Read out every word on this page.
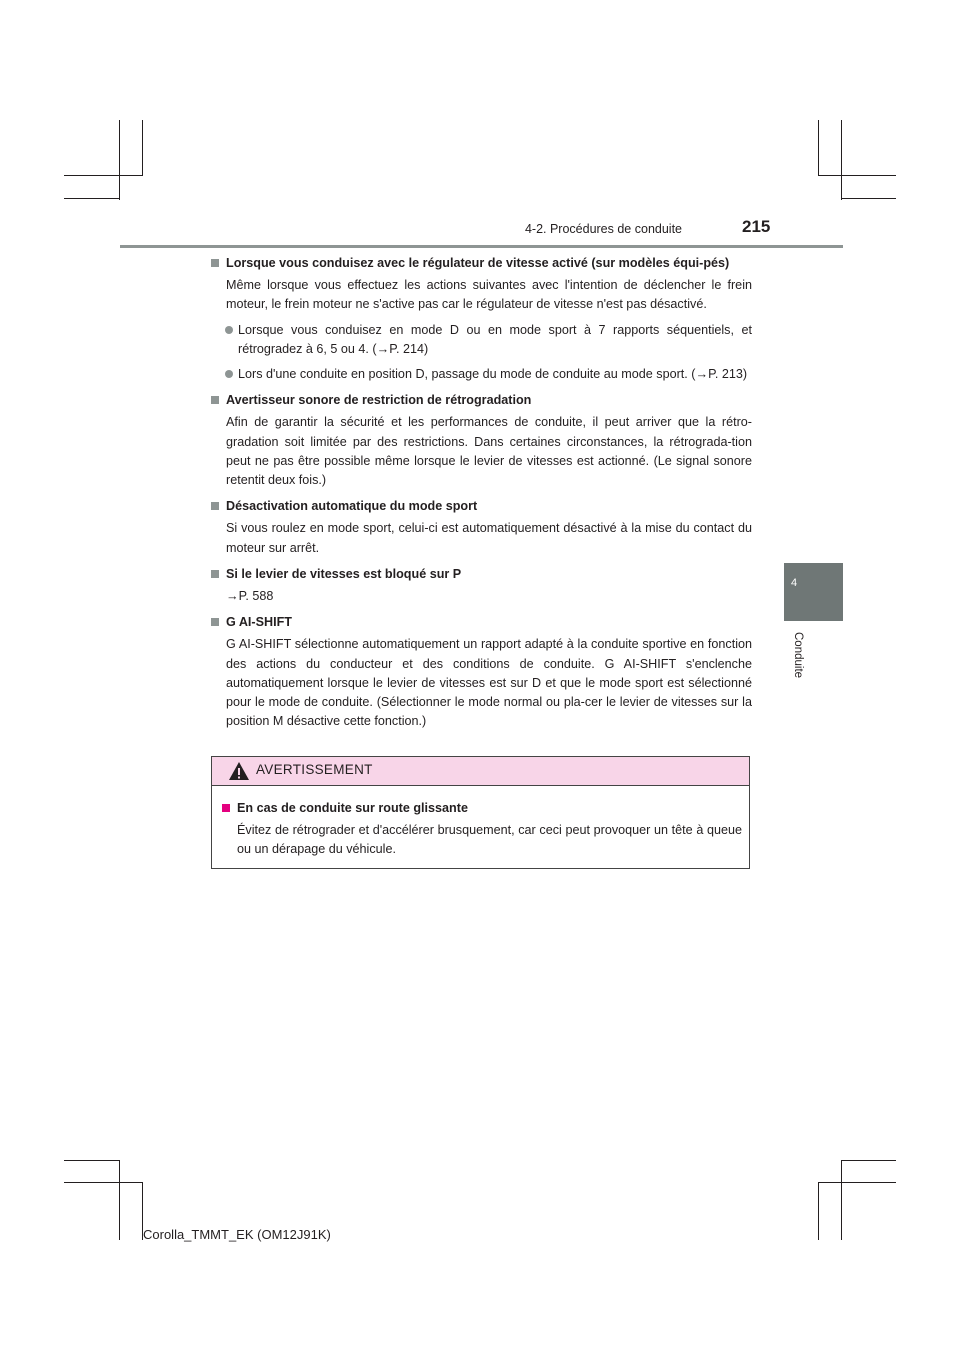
4-2. Procédures de conduite	215
4
Conduite
Lorsque vous conduisez avec le régulateur de vitesse activé (sur modèles équi-pés)
Même lorsque vous effectuez les actions suivantes avec l'intention de déclencher le frein moteur, le frein moteur ne s'active pas car le régulateur de vitesse n'est pas désactivé.
Lorsque vous conduisez en mode D ou en mode sport à 7 rapports séquentiels, et rétrogradez à 6, 5 ou 4. (→P. 214)
Lors d'une conduite en position D, passage du mode de conduite au mode sport. (→P. 213)
Avertisseur sonore de restriction de rétrogradation
Afin de garantir la sécurité et les performances de conduite, il peut arriver que la rétro-gradation soit limitée par des restrictions. Dans certaines circonstances, la rétrograda-tion peut ne pas être possible même lorsque le levier de vitesses est actionné. (Le signal sonore retentit deux fois.)
Désactivation automatique du mode sport
Si vous roulez en mode sport, celui-ci est automatiquement désactivé à la mise du contact du moteur sur arrêt.
Si le levier de vitesses est bloqué sur P
→P. 588
G AI-SHIFT
G AI-SHIFT sélectionne automatiquement un rapport adapté à la conduite sportive en fonction des actions du conducteur et des conditions de conduite. G AI-SHIFT s'enclenche automatiquement lorsque le levier de vitesses est sur D et que le mode sport est sélectionné pour le mode de conduite. (Sélectionner le mode normal ou pla-cer le levier de vitesses sur la position M désactive cette fonction.)
AVERTISSEMENT
En cas de conduite sur route glissante
Évitez de rétrograder et d'accélérer brusquement, car ceci peut provoquer un tête à queue ou un dérapage du véhicule.
Corolla_TMMT_EK (OM12J91K)
